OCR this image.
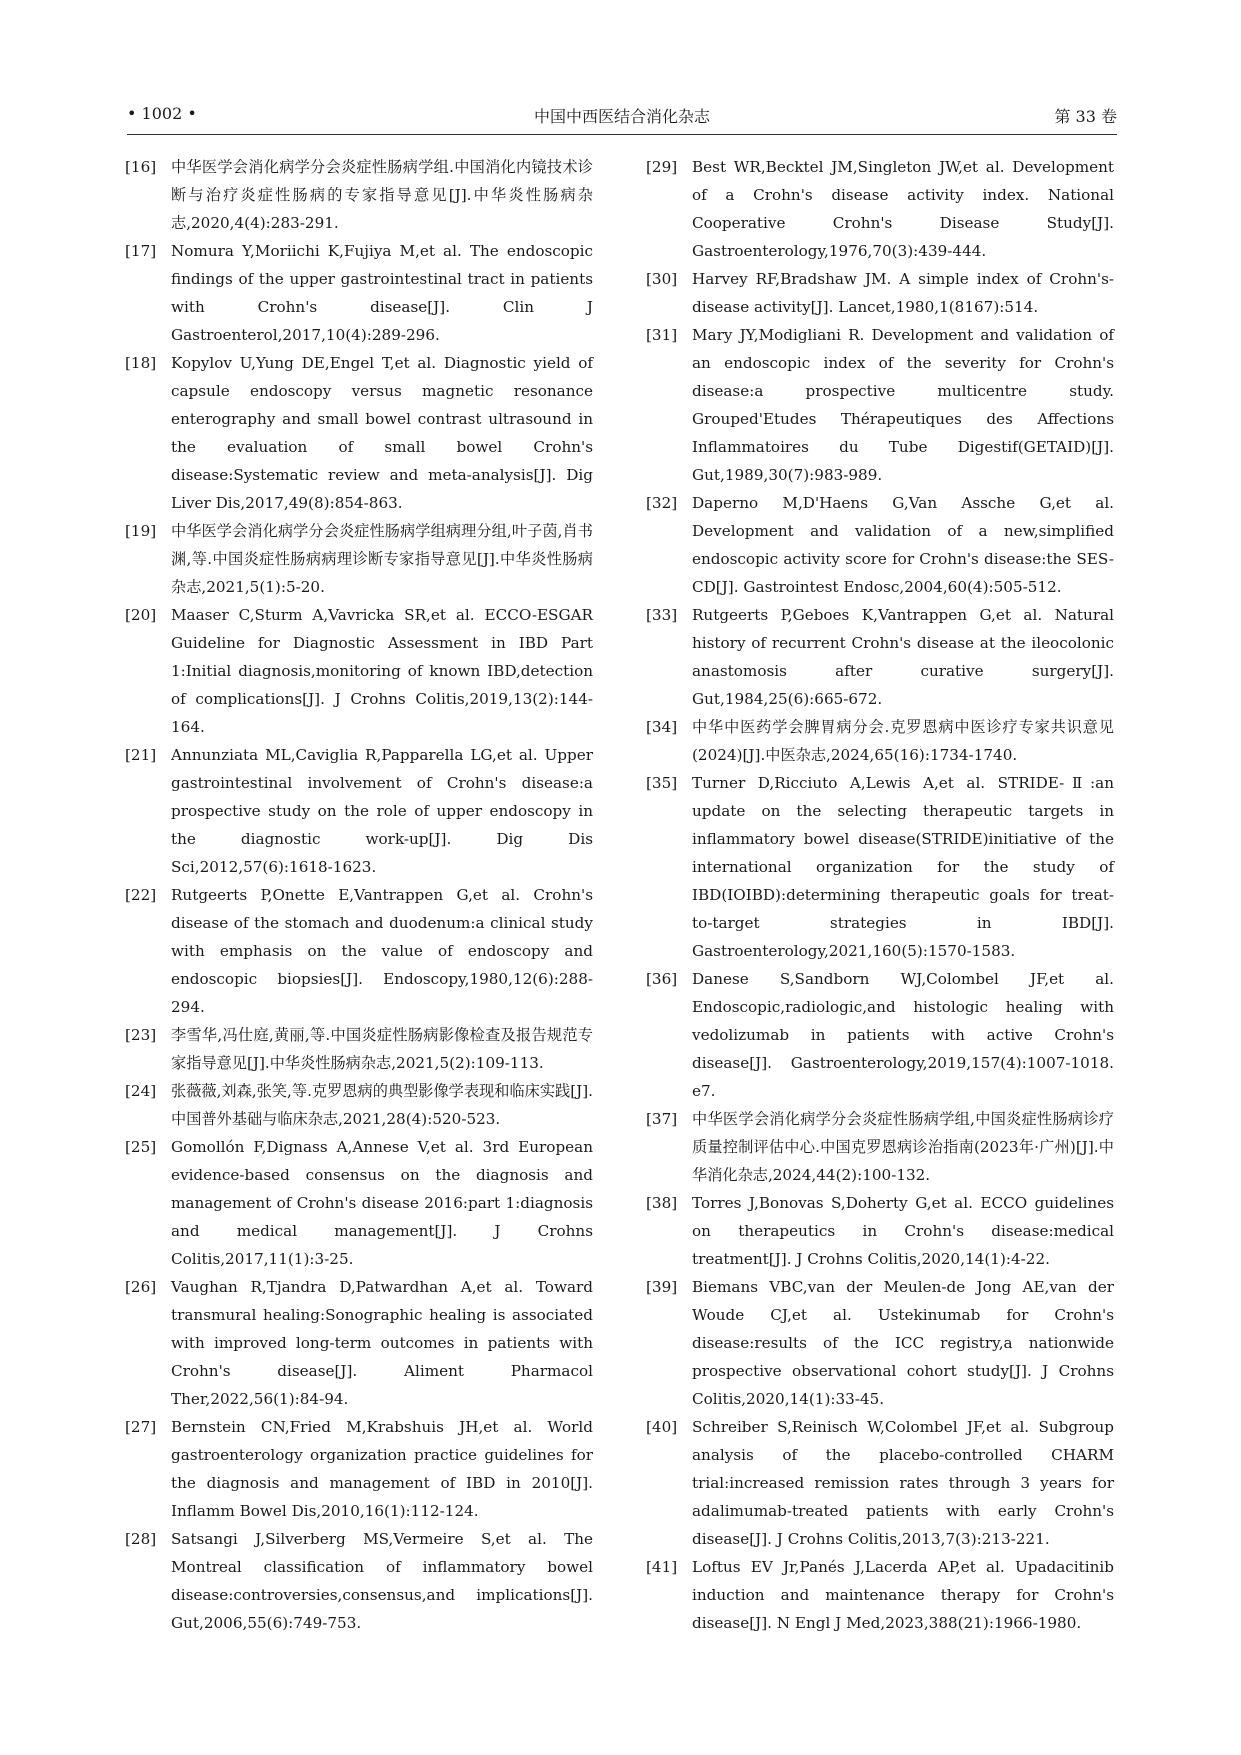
• 1002 •	中国中西医结合消化杂志	第 33 卷
[16] 中华医学会消化病学分会炎症性肠病学组.中国消化内镜技术诊断与治疗炎症性肠病的专家指导意见[J].中华炎性肠病杂志,2020,4(4):283-291.
[17] Nomura Y,Moriichi K,Fujiya M,et al. The endoscopic findings of the upper gastrointestinal tract in patients with Crohn's disease[J]. Clin J Gastroenterol,2017,10(4):289-296.
[18] Kopylov U,Yung DE,Engel T,et al. Diagnostic yield of capsule endoscopy versus magnetic resonance enterography and small bowel contrast ultrasound in the evaluation of small bowel Crohn's disease:Systematic review and meta-analysis[J]. Dig Liver Dis,2017,49(8):854-863.
[19] 中华医学会消化病学分会炎症性肠病学组病理分组,叶子茵,肖书渊,等.中国炎症性肠病病理诊断专家指导意见[J].中华炎性肠病杂志,2021,5(1):5-20.
[20] Maaser C,Sturm A,Vavricka SR,et al. ECCO-ESGAR Guideline for Diagnostic Assessment in IBD Part 1:Initial diagnosis,monitoring of known IBD,detection of complications[J]. J Crohns Colitis,2019,13(2):144-164.
[21] Annunziata ML,Caviglia R,Papparella LG,et al. Upper gastrointestinal involvement of Crohn's disease:a prospective study on the role of upper endoscopy in the diagnostic work-up[J]. Dig Dis Sci,2012,57(6):1618-1623.
[22] Rutgeerts P,Onette E,Vantrappen G,et al. Crohn's disease of the stomach and duodenum:a clinical study with emphasis on the value of endoscopy and endoscopic biopsies[J]. Endoscopy,1980,12(6):288-294.
[23] 李雪华,冯仕庭,黄丽,等.中国炎症性肠病影像检查及报告规范专家指导意见[J].中华炎性肠病杂志,2021,5(2):109-113.
[24] 张薇薇,刘森,张笑,等.克罗恩病的典型影像学表现和临床实践[J].中国普外基础与临床杂志,2021,28(4):520-523.
[25] Gomollón F,Dignass A,Annese V,et al. 3rd European evidence-based consensus on the diagnosis and management of Crohn's disease 2016:part 1:diagnosis and medical management[J]. J Crohns Colitis,2017,11(1):3-25.
[26] Vaughan R,Tjandra D,Patwardhan A,et al. Toward transmural healing:Sonographic healing is associated with improved long-term outcomes in patients with Crohn's disease[J]. Aliment Pharmacol Ther,2022,56(1):84-94.
[27] Bernstein CN,Fried M,Krabshuis JH,et al. World gastroenterology organization practice guidelines for the diagnosis and management of IBD in 2010[J]. Inflamm Bowel Dis,2010,16(1):112-124.
[28] Satsangi J,Silverberg MS,Vermeire S,et al. The Montreal classification of inflammatory bowel disease:controversies,consensus,and implications[J]. Gut,2006,55(6):749-753.
[29] Best WR,Becktel JM,Singleton JW,et al. Development of a Crohn's disease activity index. National Cooperative Crohn's Disease Study[J]. Gastroenterology,1976,70(3):439-444.
[30] Harvey RF,Bradshaw JM. A simple index of Crohn's-disease activity[J]. Lancet,1980,1(8167):514.
[31] Mary JY,Modigliani R. Development and validation of an endoscopic index of the severity for Crohn's disease:a prospective multicentre study. Grouped'Etudes Thérapeutiques des Affections Inflammatoires du Tube Digestif(GETAID)[J]. Gut,1989,30(7):983-989.
[32] Daperno M,D'Haens G,Van Assche G,et al. Development and validation of a new,simplified endoscopic activity score for Crohn's disease:the SES-CD[J]. Gastrointest Endosc,2004,60(4):505-512.
[33] Rutgeerts P,Geboes K,Vantrappen G,et al. Natural history of recurrent Crohn's disease at the ileocolonic anastomosis after curative surgery[J]. Gut,1984,25(6):665-672.
[34] 中华中医药学会脾胃病分会.克罗恩病中医诊疗专家共识意见(2024)[J].中医杂志,2024,65(16):1734-1740.
[35] Turner D,Ricciuto A,Lewis A,et al. STRIDE-Ⅱ:an update on the selecting therapeutic targets in inflammatory bowel disease(STRIDE)initiative of the international organization for the study of IBD(IOIBD):determining therapeutic goals for treat-to-target strategies in IBD[J]. Gastroenterology,2021,160(5):1570-1583.
[36] Danese S,Sandborn WJ,Colombel JF,et al. Endoscopic,radiologic,and histologic healing with vedolizumab in patients with active Crohn's disease[J]. Gastroenterology,2019,157(4):1007-1018. e7.
[37] 中华医学会消化病学分会炎症性肠病学组,中国炎症性肠病诊疗质量控制评估中心.中国克罗恩病诊治指南(2023年·广州)[J].中华消化杂志,2024,44(2):100-132.
[38] Torres J,Bonovas S,Doherty G,et al. ECCO guidelines on therapeutics in Crohn's disease:medical treatment[J]. J Crohns Colitis,2020,14(1):4-22.
[39] Biemans VBC,van der Meulen-de Jong AE,van der Woude CJ,et al. Ustekinumab for Crohn's disease:results of the ICC registry,a nationwide prospective observational cohort study[J]. J Crohns Colitis,2020,14(1):33-45.
[40] Schreiber S,Reinisch W,Colombel JF,et al. Subgroup analysis of the placebo-controlled CHARM trial:increased remission rates through 3 years for adalimumab-treated patients with early Crohn's disease[J]. J Crohns Colitis,2013,7(3):213-221.
[41] Loftus EV Jr,Panés J,Lacerda AP,et al. Upadacitinib induction and maintenance therapy for Crohn's disease[J]. N Engl J Med,2023,388(21):1966-1980.
